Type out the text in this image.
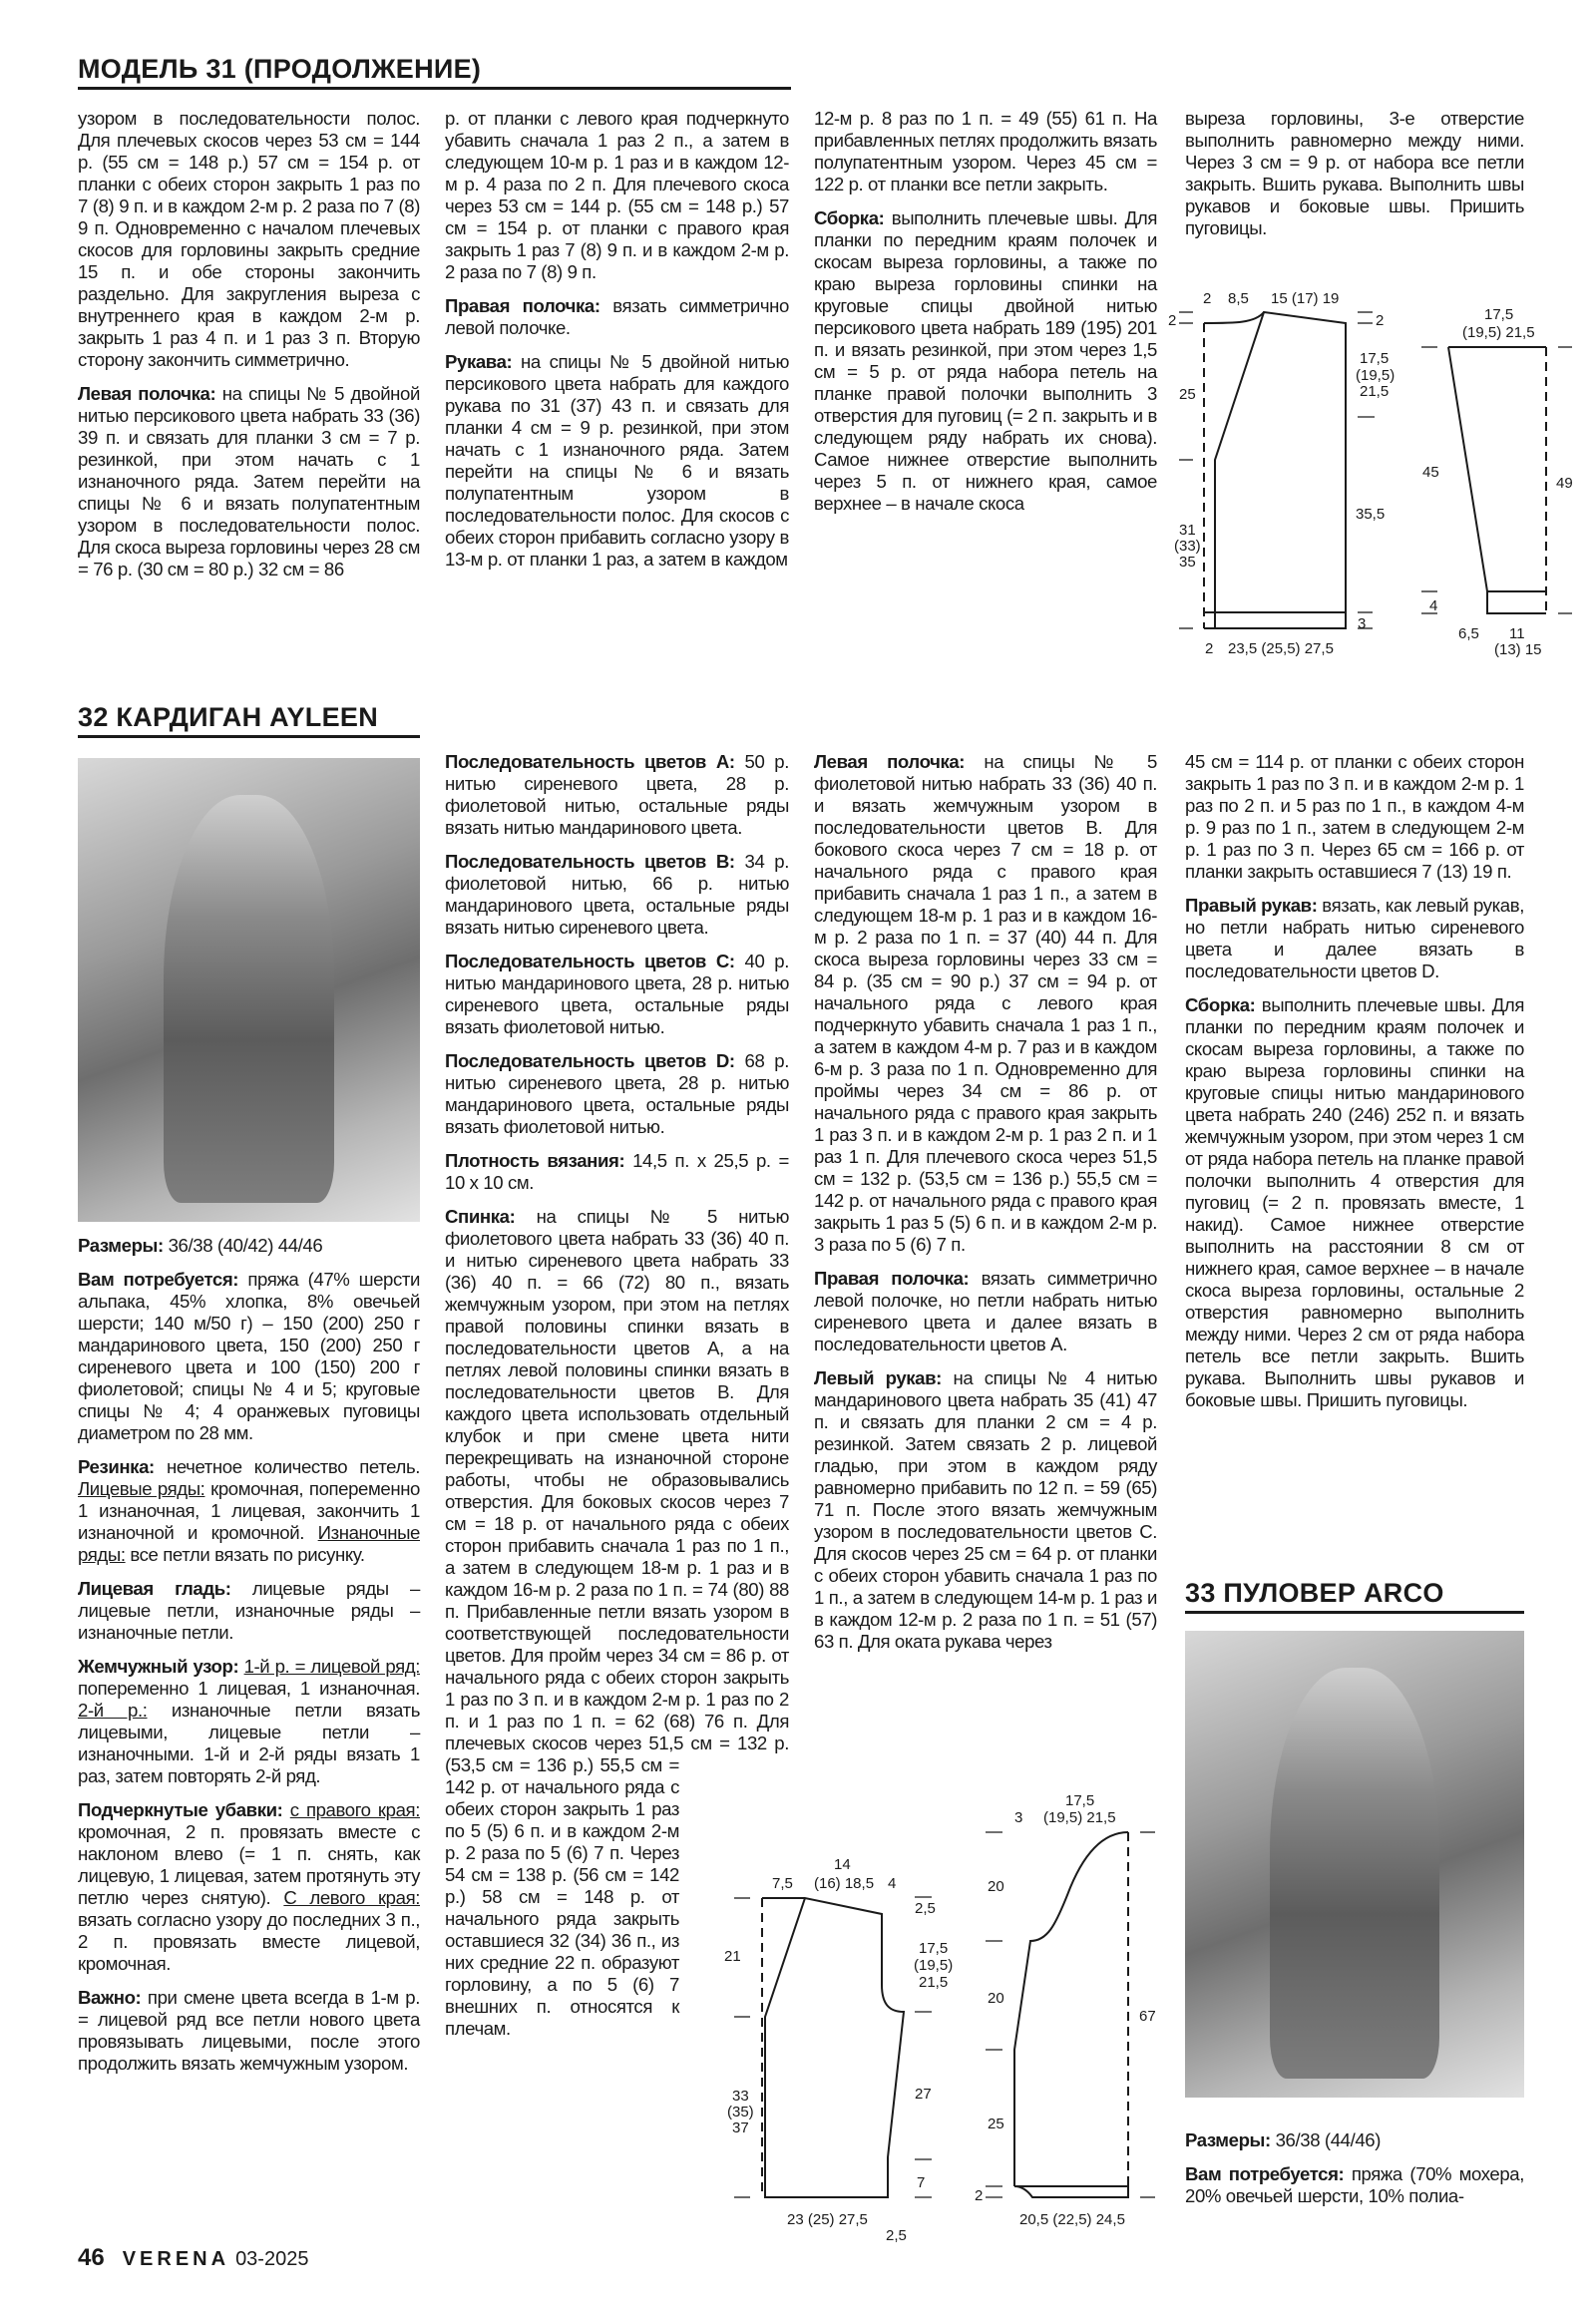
МОДЕЛЬ 31 (ПРОДОЛЖЕНИЕ)

узором в последовательности полос. Для плечевых скосов через 53 см = 144 р. (55 см = 148 р.) 57 см = 154 р. от планки с обеих сторон закрыть 1 раз по 7 (8) 9 п. и в каждом 2-м р. 2 раза по 7 (8) 9 п. Одновременно с началом плечевых скосов для горловины закрыть средние 15 п. и обе стороны закончить раздельно. Для закругления выреза с внутреннего края в каждом 2-м р. закрыть 1 раз 4 п. и 1 раз 3 п. Вторую сторону закончить симметрично.

Левая полочка: на спицы № 5 двойной нитью персикового цвета набрать 33 (36) 39 п. и связать для планки 3 см = 7 р. резинкой, при этом начать с 1 изнаночного ряда. Затем перейти на спицы № 6 и вязать полупатентным узором в последовательности полос. Для скоса выреза горловины через 28 см = 76 р. (30 см = 80 р.) 32 см = 86

р. от планки с левого края подчеркнуто убавить сначала 1 раз 2 п., а затем в следующем 10-м р. 1 раз и в каждом 12-м р. 4 раза по 2 п. Для плечевого скоса через 53 см = 144 р. (55 см = 148 р.) 57 см = 154 р. от планки с правого края закрыть 1 раз 7 (8) 9 п. и в каждом 2-м р. 2 раза по 7 (8) 9 п.

Правая полочка: вязать симметрично левой полочке.

Рукава: на спицы № 5 двойной нитью персикового цвета набрать для каждого рукава по 31 (37) 43 п. и связать для планки 4 см = 9 р. резинкой, при этом начать с 1 изнаночного ряда. Затем перейти на спицы № 6 и вязать полупатентным узором в последовательности полос. Для скосов с обеих сторон прибавить согласно узору в 13-м р. от планки 1 раз, а затем в каждом

12-м р. 8 раз по 1 п. = 49 (55) 61 п. На прибавленных петлях продолжить вязать полупатентным узором. Через 45 см = 122 р. от планки все петли закрыть.

Сборка: выполнить плечевые швы. Для планки по передним краям полочек и скосам выреза горловины, а также по краю выреза горловины спинки на круговые спицы двойной нитью персикового цвета набрать 189 (195) 201 п. и вязать резинкой, при этом через 1,5 см = 5 р. от ряда набора петель на планке правой полочки выполнить 3 отверстия для пуговиц (= 2 п. закрыть и в следующем ряду набрать их снова). Самое нижнее отверстие выполнить через 5 п. от нижнего края, самое верхнее – в начале скоса

выреза горловины, 3-е отверстие выполнить равномерно между ними. Через 3 см = 9 р. от набора все петли закрыть. Вшить рукава. Выполнить швы рукавов и боковые швы. Пришить пуговицы.

2 8,5 15 (17) 19
2	2
17,5
(19,5)
21,5
25
35,5
31
(33)
35
3
2 23,5 (25,5) 27,5
17,5
(19,5) 21,5
45
49
4
6,5 11
(13) 15
32 КАРДИГАН AYLEEN

Размеры: 36/38 (40/42) 44/46

Вам потребуется: пряжа (47% шерсти альпака, 45% хлопка, 8% овечьей шерсти; 140 м/50 г) – 150 (200) 250 г мандаринового цвета, 150 (200) 250 г сиреневого цвета и 100 (150) 200 г фиолетовой; спицы № 4 и 5; круговые спицы № 4; 4 оранжевых пуговицы диаметром по 28 мм.

Резинка: нечетное количество петель. Лицевые ряды: кромочная, попеременно 1 изнаночная, 1 лицевая, закончить 1 изнаночной и кромочной. Изнаночные ряды: все петли вязать по рисунку.

Лицевая гладь: лицевые ряды – лицевые петли, изнаночные ряды – изнаночные петли.

Жемчужный узор: 1-й р. = лицевой ряд: попеременно 1 лицевая, 1 изнаночная. 2-й р.: изнаночные петли вязать лицевыми, лицевые петли – изнаночными. 1-й и 2-й ряды вязать 1 раз, затем повторять 2-й ряд.

Подчеркнутые убавки: с правого края: кромочная, 2 п. провязать вместе с наклоном влево (= 1 п. снять, как лицевую, 1 лицевая, затем протянуть эту петлю через снятую). С левого края: вязать согласно узору до последних 3 п., 2 п. провязать вместе лицевой, кромочная.

Важно: при смене цвета всегда в 1-м р. = лицевой ряд все петли нового цвета провязывать лицевыми, после этого продолжить вязать жемчужным узором.

Последовательность цветов A: 50 р. нитью сиреневого цвета, 28 р. фиолетовой нитью, остальные ряды вязать нитью мандаринового цвета.

Последовательность цветов B: 34 р. фиолетовой нитью, 66 р. нитью мандаринового цвета, остальные ряды вязать нитью сиреневого цвета.

Последовательность цветов C: 40 р. нитью мандаринового цвета, 28 р. нитью сиреневого цвета, остальные ряды вязать фиолетовой нитью.

Последовательность цветов D: 68 р. нитью сиреневого цвета, 28 р. нитью мандаринового цвета, остальные ряды вязать фиолетовой нитью.

Плотность вязания: 14,5 п. х 25,5 р. = 10 х 10 см.

Спинка: на спицы № 5 нитью фиолетового цвета набрать 33 (36) 40 п. и нитью сиреневого цвета набрать 33 (36) 40 п. = 66 (72) 80 п., вязать жемчужным узором, при этом на петлях правой половины спинки вязать в последовательности цветов A, а на петлях левой половины спинки вязать в последовательности цветов B. Для каждого цвета использовать отдельный клубок и при смене цвета нити перекрещивать на изнаночной стороне работы, чтобы не образовывались отверстия. Для боковых скосов через 7 см = 18 р. от начального ряда с обеих сторон прибавить сначала 1 раз по 1 п., а затем в следующем 18-м р. 1 раз и в каждом 16-м р. 2 раза по 1 п. = 74 (80) 88 п. Прибавленные петли вязать узором в соответствующей последовательности цветов. Для пройм через 34 см = 86 р. от начального ряда с обеих сторон закрыть 1 раз по 3 п. и в каждом 2-м р. 1 раз по 2 п. и 1 раз по 1 п. = 62 (68) 76 п. Для плечевых скосов через 51,5 см = 132 р. (53,5 см = 136 р.) 55,5 см = 142 р. от начального ряда с обеих сторон закрыть 1 раз по 5 (5) 6 п. и в каждом 2-м р. 2 раза по 5 (6) 7 п. Через 54 см = 138 р. (56 см = 142 р.) 58 см = 148 р. от начального ряда закрыть оставшиеся 32 (34) 36 п., из них средние 22 п. образуют горловину, а по 5 (6) 7 внешних п. относятся к плечам.

Левая полочка: на спицы № 5 фиолетовой нитью набрать 33 (36) 40 п. и вязать жемчужным узором в последовательности цветов B. Для бокового скоса через 7 см = 18 р. от начального ряда с правого края прибавить сначала 1 раз 1 п., а затем в следующем 18-м р. 1 раз и в каждом 16-м р. 2 раза по 1 п. = 37 (40) 44 п. Для скоса выреза горловины через 33 см = 84 р. (35 см = 90 р.) 37 см = 94 р. от начального ряда с левого края подчеркнуто убавить сначала 1 раз 1 п., а затем в каждом 4-м р. 7 раз и в каждом 6-м р. 3 раза по 1 п. Одновременно для проймы через 34 см = 86 р. от начального ряда с правого края закрыть 1 раз 3 п. и в каждом 2-м р. 1 раз 2 п. и 1 раз 1 п. Для плечевого скоса через 51,5 см = 132 р. (53,5 см = 136 р.) 55,5 см = 142 р. от начального ряда с правого края закрыть 1 раз 5 (5) 6 п. и в каждом 2-м р. 3 раза по 5 (6) 7 п.

Правая полочка: вязать симметрично левой полочке, но петли набрать нитью сиреневого цвета и далее вязать в последовательности цветов A.

Левый рукав: на спицы № 4 нитью мандаринового цвета набрать 35 (41) 47 п. и связать для планки 2 см = 4 р. резинкой. Затем связать 2 р. лицевой гладью, при этом в каждом ряду равномерно прибавить по 12 п. = 59 (65) 71 п. После этого вязать жемчужным узором в последовательности цветов C. Для скосов через 25 см = 64 р. от планки с обеих сторон убавить сначала 1 раз по 1 п., а затем в следующем 14-м р. 1 раз и в каждом 12-м р. 2 раза по 1 п. = 51 (57) 63 п. Для оката рукава через

45 см = 114 р. от планки с обеих сторон закрыть 1 раз по 3 п. и в каждом 2-м р. 1 раз по 2 п. и 5 раз по 1 п., в каждом 4-м р. 9 раз по 1 п., затем в следующем 2-м р. 1 раз по 3 п. Через 65 см = 166 р. от планки закрыть оставшиеся 7 (13) 19 п.

Правый рукав: вязать, как левый рукав, но петли набрать нитью сиреневого цвета и далее вязать в последовательности цветов D.

Сборка: выполнить плечевые швы. Для планки по передним краям полочек и скосам выреза горловины, а также по краю выреза горловины спинки на круговые спицы нитью мандаринового цвета набрать 240 (246) 252 п. и вязать жемчужным узором, при этом через 1 см от ряда набора петель на планке правой полочки выполнить 4 отверстия для пуговиц (= 2 п. провязать вместе, 1 накид). Самое нижнее отверстие выполнить на расстоянии 8 см от нижнего края, самое верхнее – в начале скоса выреза горловины, остальные 2 отверстия равномерно выполнить между ними. Через 2 см от ряда набора петель все петли закрыть. Вшить рукава. Выполнить швы рукавов и боковые швы. Пришить пуговицы.

7,5
14
(16) 18,5 4
2,5
21	17,5
(19,5)
21,5
33
(35)
37
27
7
23 (25) 27,5
2,5
3
17,5
(19,5) 21,5
20
20
67
25
2
20,5 (22,5) 24,5
33 ПУЛОВЕР ARCO

Размеры: 36/38 (44/46)

Вам потребуется: пряжа (70% мохера, 20% овечьей шерсти, 10% полиа-

46 VERENA 03-2025
